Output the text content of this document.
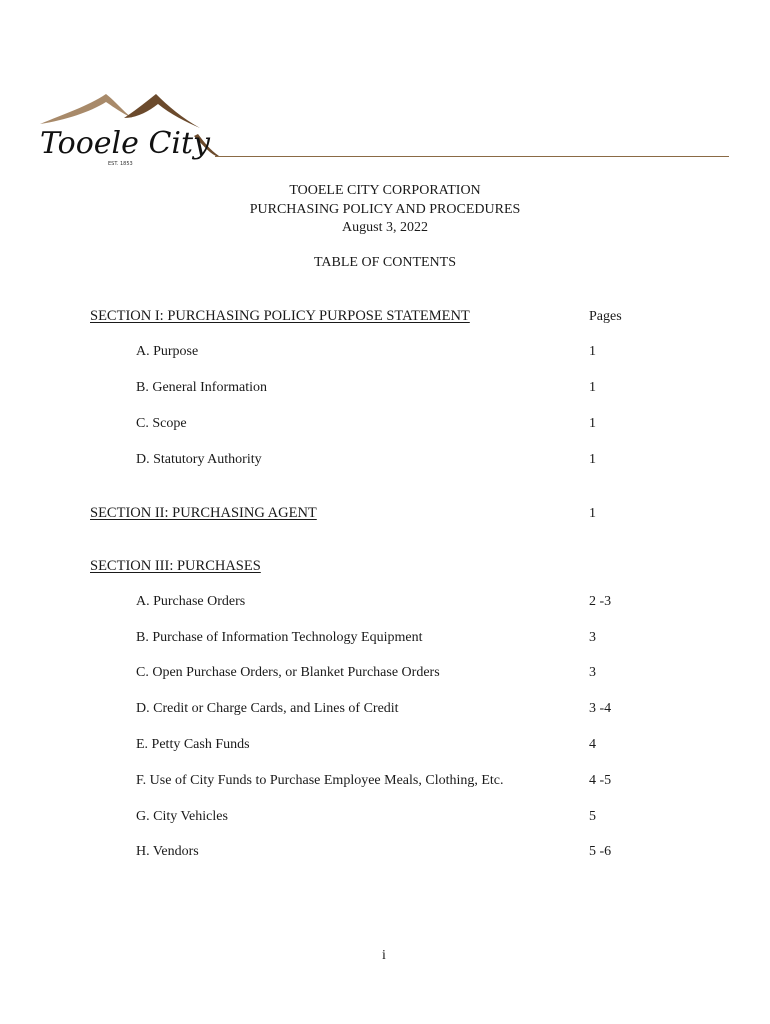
Tooele City
EST. 1853
TOOELE CITY CORPORATION
PURCHASING POLICY AND PROCEDURES
August 3, 2022
TABLE OF CONTENTS
SECTION I: PURCHASING POLICY PURPOSE STATEMENT	Pages
A. Purpose	1
B. General Information	1
C. Scope	1
D. Statutory Authority	1
SECTION II: PURCHASING AGENT	1
SECTION III: PURCHASES
A. Purchase Orders	2 -3
B. Purchase of Information Technology Equipment	3
C. Open Purchase Orders, or Blanket Purchase Orders	3
D. Credit or Charge Cards, and Lines of Credit	3 -4
E. Petty Cash Funds	4
F. Use of City Funds to Purchase Employee Meals, Clothing, Etc.	4 -5
G. City Vehicles	5
H. Vendors	5 -6
i
